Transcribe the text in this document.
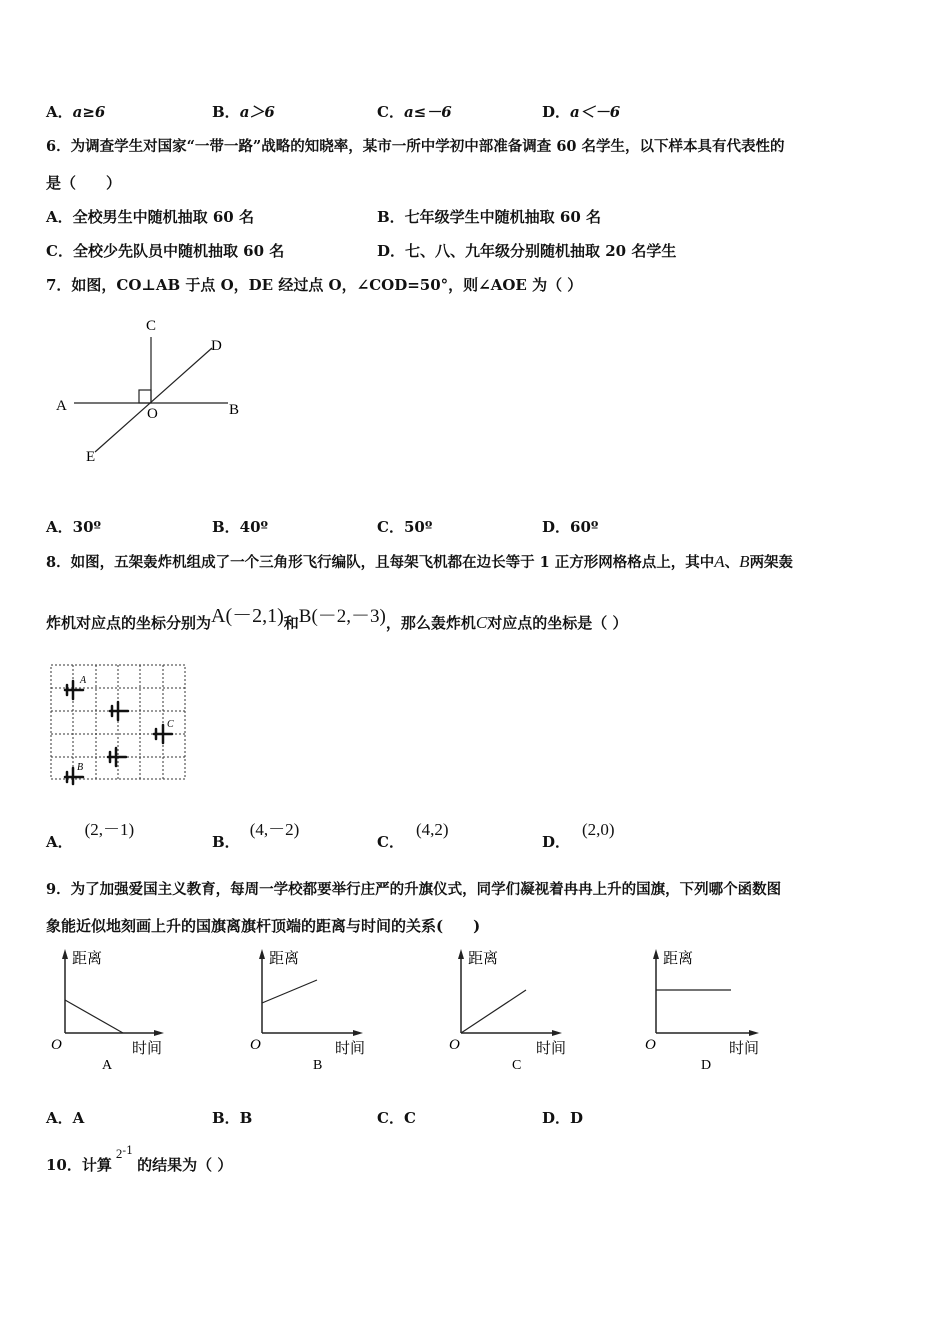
A．a≥6	B．a＞6	C．a≤－6	D．a＜－6
6．为调查学生对国家“一带一路”战略的知晓率，某市一所中学初中部准备调查 60 名学生，以下样本具有代表性的
是（　　）
A．全校男生中随机抽取 60 名	B．七年级学生中随机抽取 60 名
C．全校少先队员中随机抽取 60 名	D．七、八、九年级分别随机抽取 20 名学生
7．如图，CO⊥AB 于点 O，DE 经过点 O，∠COD=50°，则∠AOE 为（ ）
A	B
C
D
E
O
A．30º	B．40º	C．50º	D．60º
8．如图，五架轰炸机组成了一个三角形飞行编队，且每架飞机都在边长等于 1 正方形网格格点上，其中A、B两架轰
炸机对应点的坐标分别为A(－2,1)和B(－2,－3)，那么轰炸机C对应点的坐标是（ ）
A
C
B
A．(2,－1)
B．(4,－2)
C．(4,2)
D．(2,0)
9．为了加强爱国主义教育，每周一学校都要举行庄严的升旗仪式，同学们凝视着冉冉上升的国旗，下列哪个函数图
象能近似地刻画上升的国旗离旗杆顶端的距离与时间的关系(　　)
距离
时间
O
A
距离
时间
O
B
距离
时间
O
C
距离
时间
O
D
A．A	B．B	C．C	D．D
10．计算$2^{-1}$的结果为（ ）
